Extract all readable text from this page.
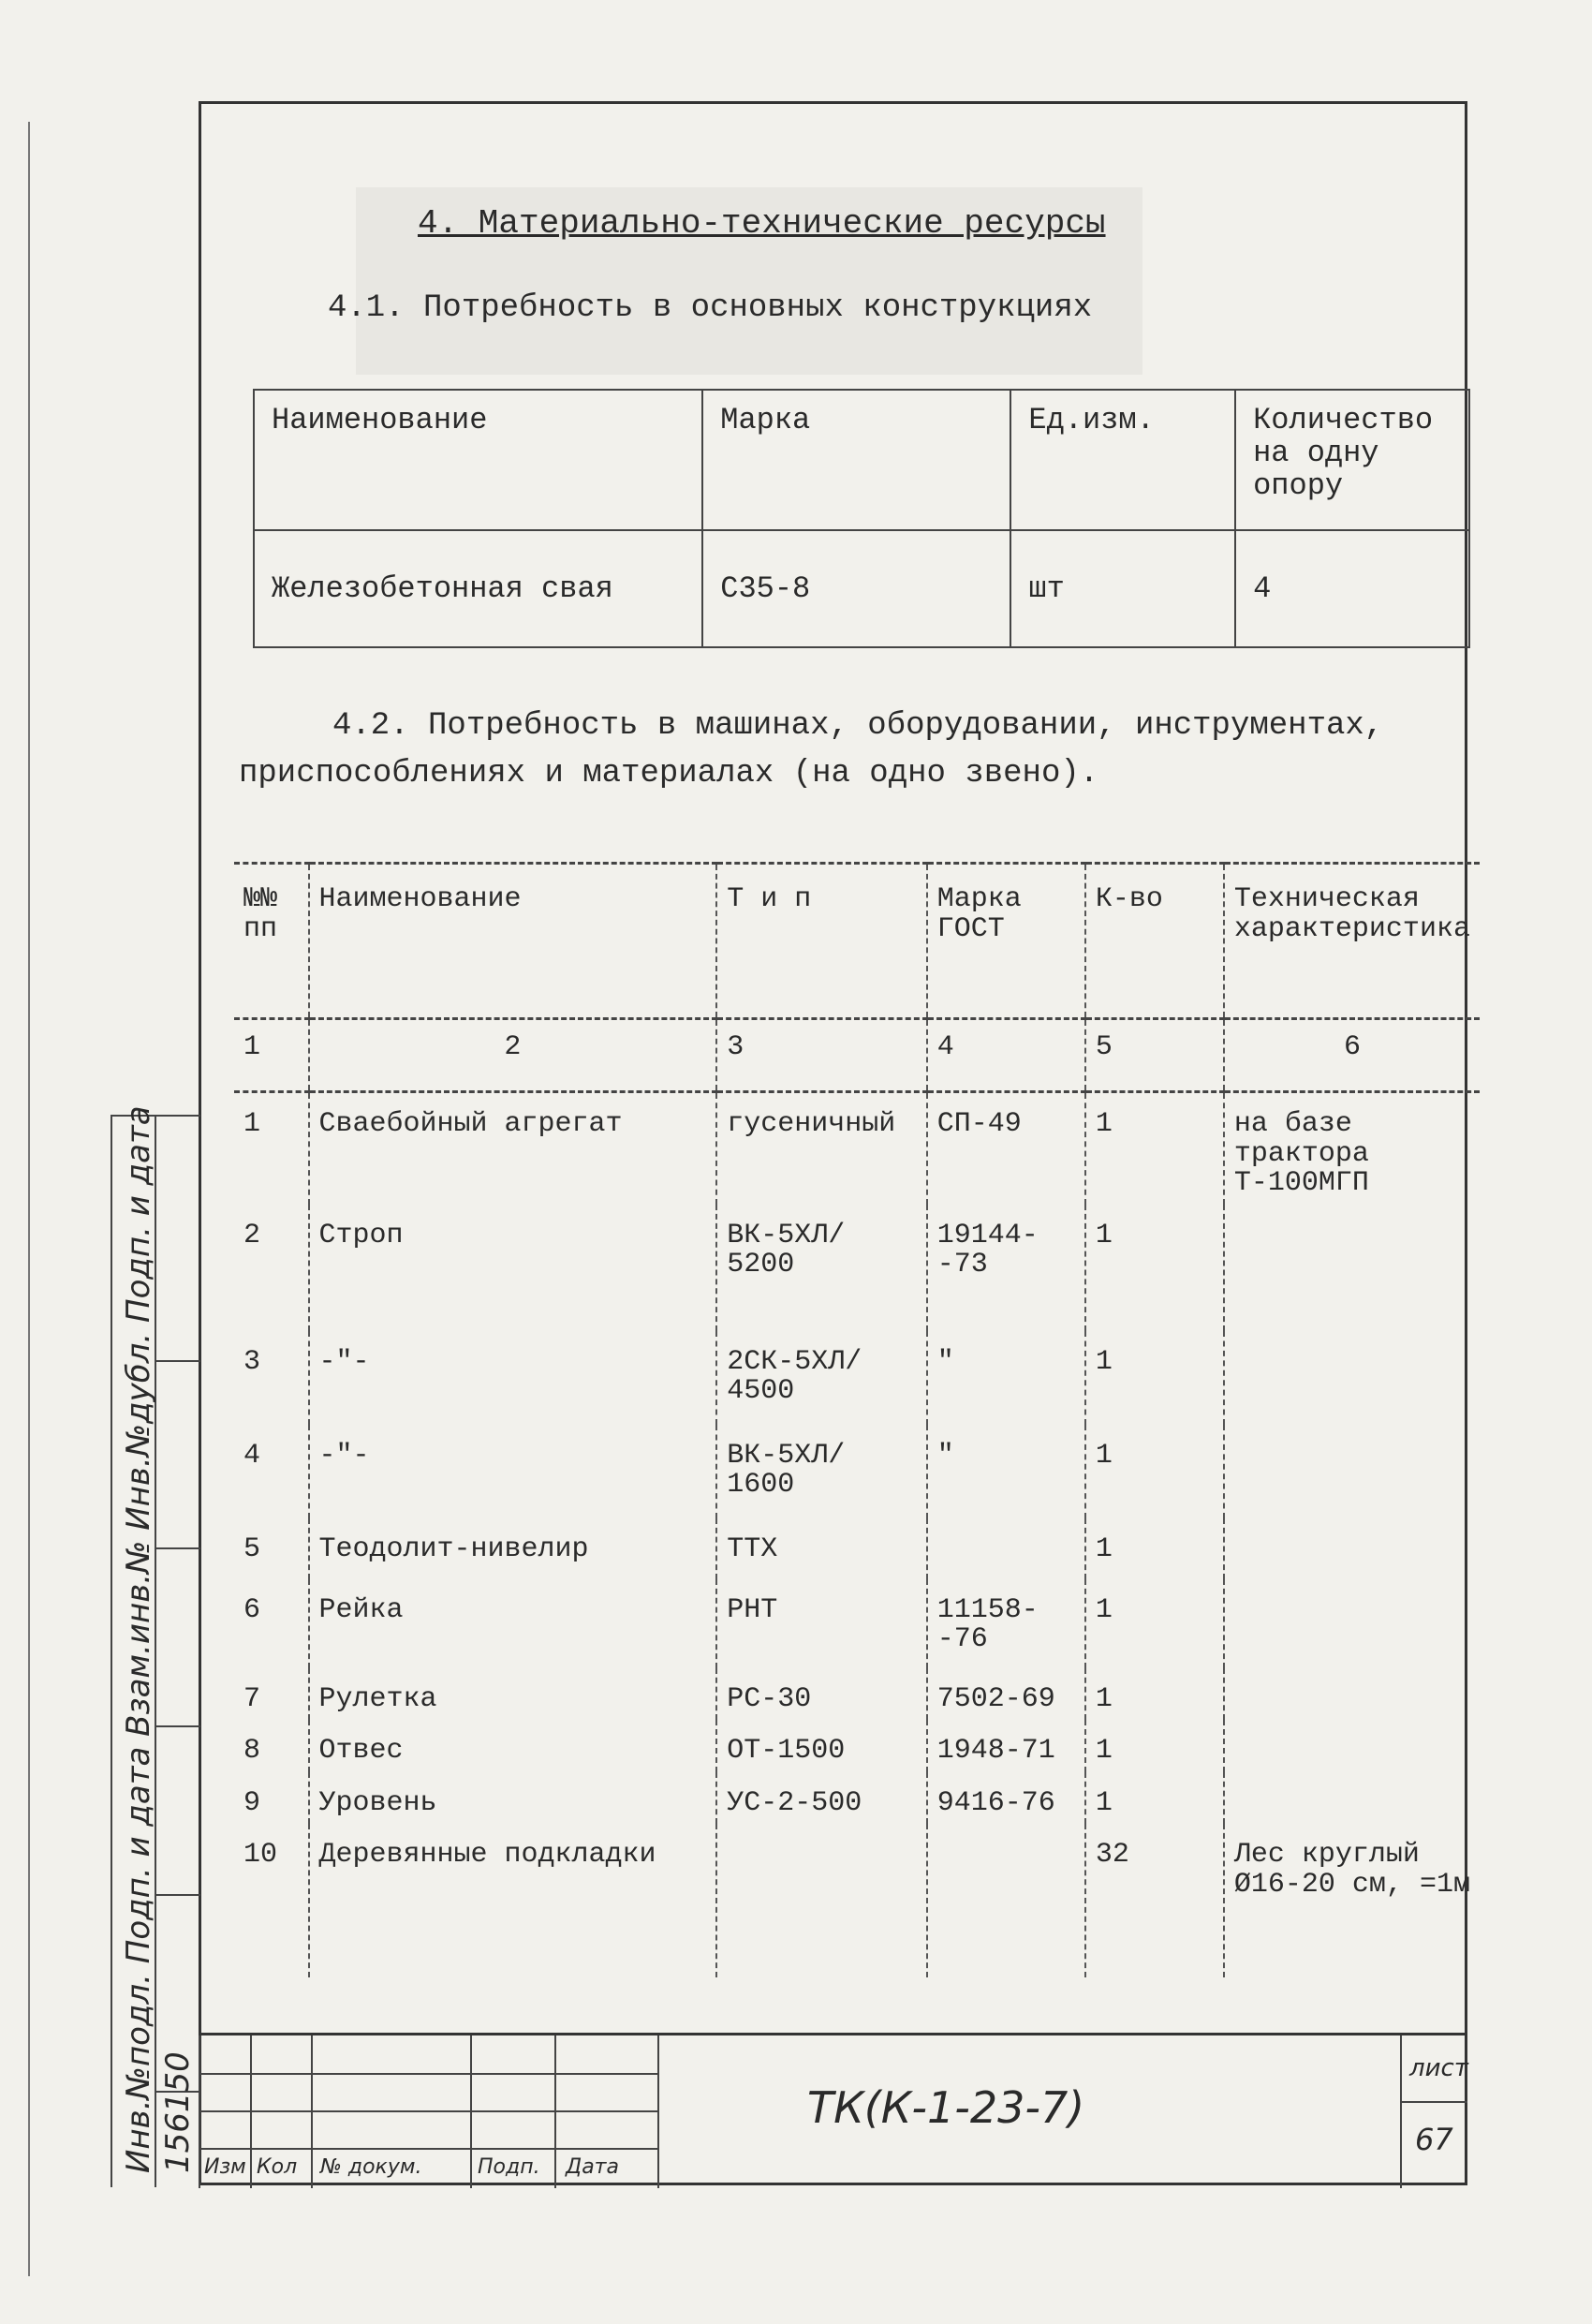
4. Материально-технические ресурсы
4.1. Потребность в основных конструкциях
Наименование	Марка	Ед.изм.	Количество на одну опору
Железобетонная свая	С35-8	шт	4
4.2. Потребность в машинах, оборудовании, инструментах,
приспособлениях и материалах (на одно звено).
№№ пп	Наименование	Т и п	Марка ГОСТ	К-во	Техническая характеристика
1	2	3	4	5	6
1	Сваебойный агрегат	гусеничный	СП-49	1	на базе трактора Т-100МГП
2	Строп	ВК-5ХЛ/ 5200	19144- -73	1	
3	-"-	2СК-5ХЛ/ 4500	"	1	
4	-"-	ВК-5ХЛ/ 1600	"	1	
5	Теодолит-нивелир	ТТХ		1	
6	Рейка	РНТ	11158- -76	1	
7	Рулетка	РС-30	7502-69	1	
8	Отвес	ОТ-1500	1948-71	1	
9	Уровень	УС-2-500	9416-76	1	
10	Деревянные подкладки			32	Лес круглый Ø16-20 см, =1м
Изм Кол № докум.	Подп. Дата
ТК(К-1-23-7)
лист
67
Инв.№подл. Подп. и дата Взам.инв.№ Инв.№дубл. Подп. и дата 156150
